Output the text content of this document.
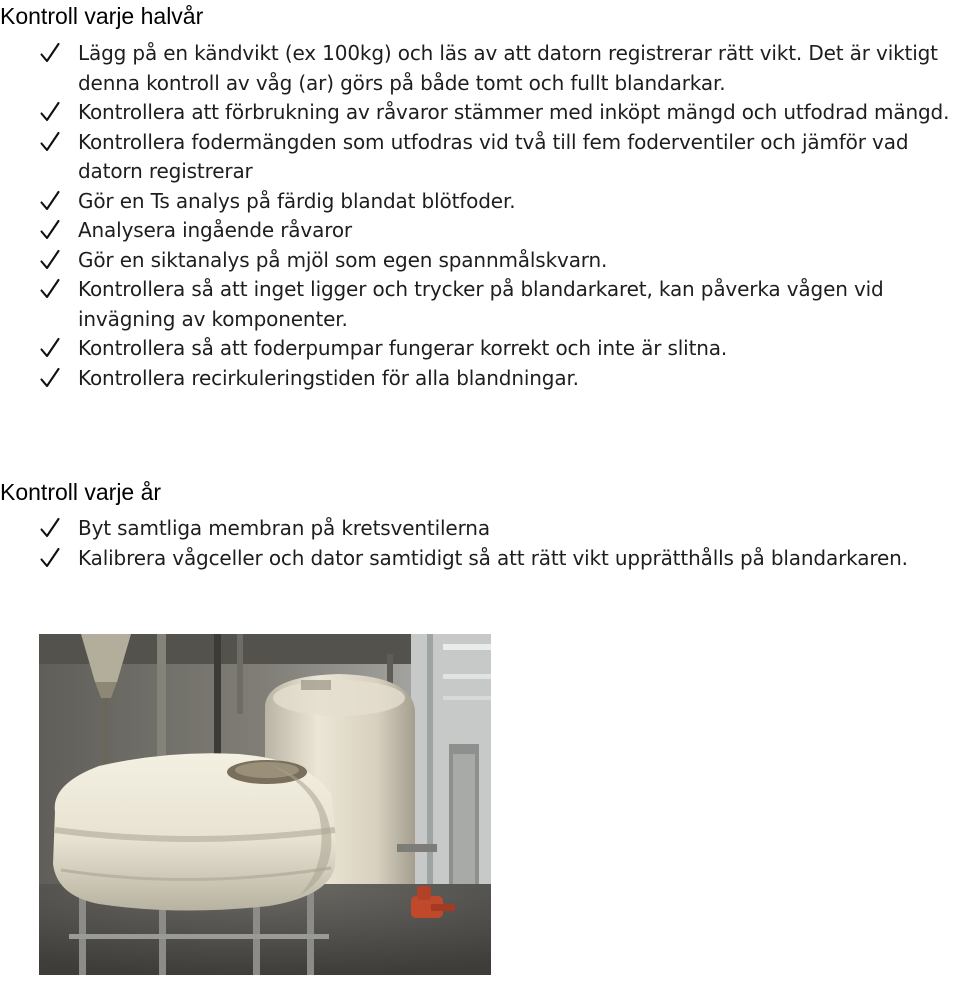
Kontroll varje halvår
Lägg på en kändvikt (ex 100kg) och läs av att datorn registrerar rätt vikt. Det är viktigt denna kontroll av våg (ar) görs på både tomt och fullt blandarkar.
Kontrollera att förbrukning av råvaror stämmer med inköpt mängd och utfodrad mängd.
Kontrollera fodermängden som utfodras vid två till fem foderventiler och jämför vad datorn registrerar
Gör en Ts analys på färdig blandat blötfoder.
Analysera ingående råvaror
Gör en siktanalys på mjöl som egen spannmålskvarn.
Kontrollera så att inget ligger och trycker på blandarkaret, kan påverka vågen vid invägning av komponenter.
Kontrollera så att foderpumpar fungerar korrekt och inte är slitna.
Kontrollera recirkuleringstiden för alla blandningar.
Kontroll varje år
Byt samtliga membran på kretsventilerna
Kalibrera vågceller och dator samtidigt så att rätt vikt upprätthålls på blandarkaren.
